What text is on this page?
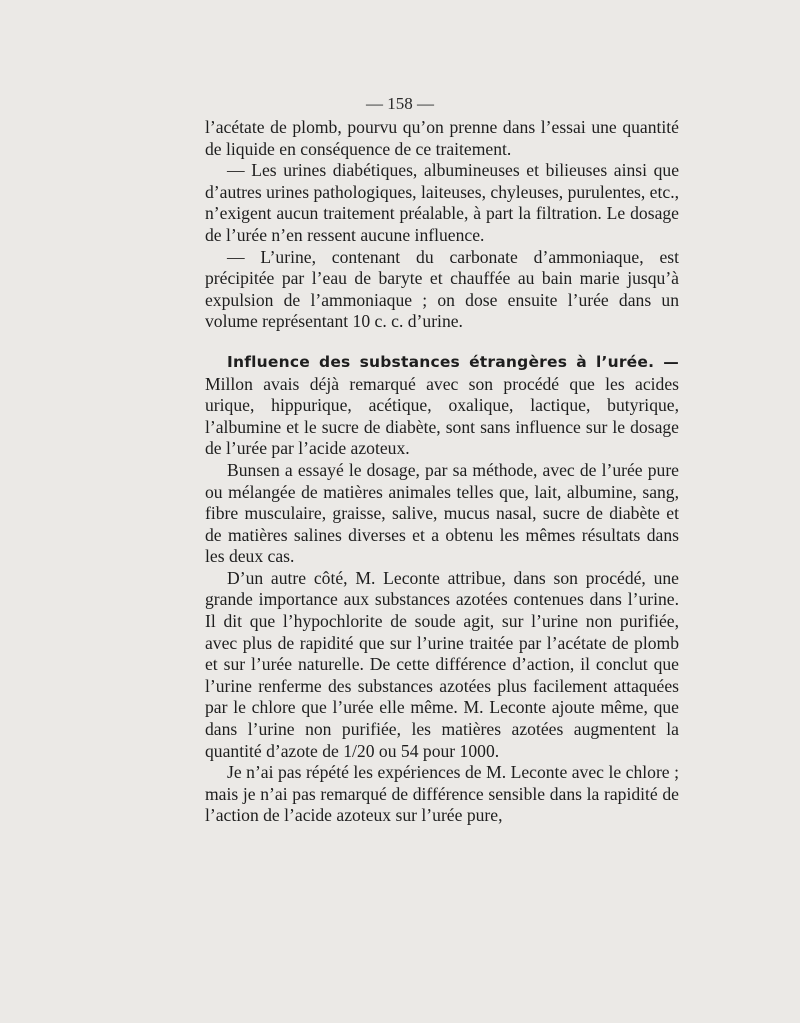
— 158 —

l’acétate de plomb, pourvu qu’on prenne dans l’essai une quantité de liquide en conséquence de ce traitement.

— Les urines diabétiques, albumineuses et bilieuses ainsi que d’autres urines pathologiques, laiteuses, chyleuses, purulentes, etc., n’exigent aucun traitement préalable, à part la filtration. Le dosage de l’urée n’en ressent aucune influence.

— L’urine, contenant du carbonate d’ammoniaque, est précipitée par l’eau de baryte et chauffée au bain marie jusqu’à expulsion de l’ammoniaque ; on dose ensuite l’urée dans un volume représentant 10 c. c. d’urine.

Influence des substances étrangères à l’urée. — Millon avais déjà remarqué avec son procédé que les acides urique, hippurique, acétique, oxalique, lactique, butyrique, l’albumine et le sucre de diabète, sont sans influence sur le dosage de l’urée par l’acide azoteux.

Bunsen a essayé le dosage, par sa méthode, avec de l’urée pure ou mélangée de matières animales telles que, lait, albumine, sang, fibre musculaire, graisse, salive, mucus nasal, sucre de diabète et de matières salines diverses et a obtenu les mêmes résultats dans les deux cas.

D’un autre côté, M. Leconte attribue, dans son procédé, une grande importance aux substances azotées contenues dans l’urine. Il dit que l’hypochlorite de soude agit, sur l’urine non purifiée, avec plus de rapidité que sur l’urine traitée par l’acétate de plomb et sur l’urée naturelle. De cette différence d’action, il conclut que l’urine renferme des substances azotées plus facilement attaquées par le chlore que l’urée elle même. M. Leconte ajoute même, que dans l’urine non purifiée, les matières azotées augmentent la quantité d’azote de 1/20 ou 54 pour 1000.

Je n’ai pas répété les expériences de M. Leconte avec le chlore ; mais je n’ai pas remarqué de différence sensible dans la rapidité de l’action de l’acide azoteux sur l’urée pure,
